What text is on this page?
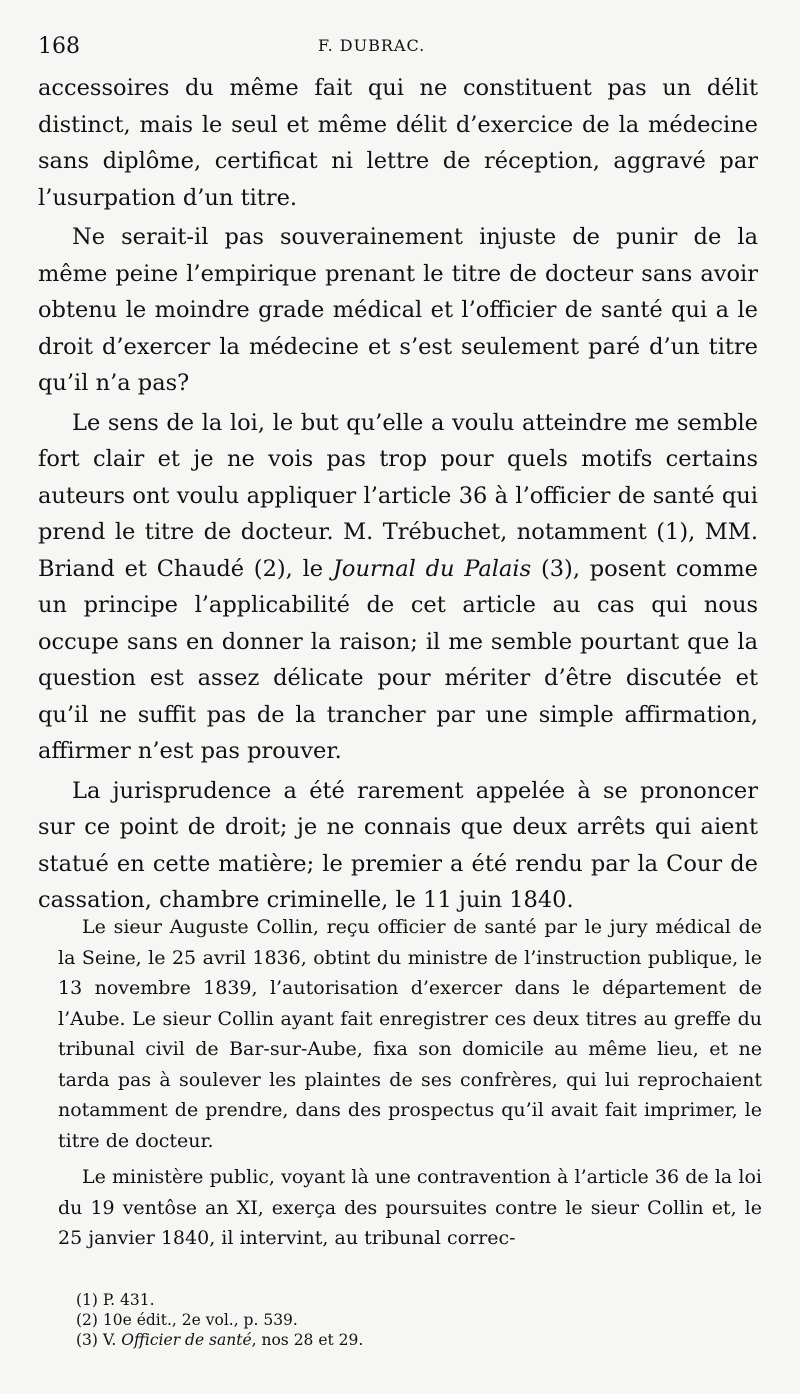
168	F. DUBRAC.

accessoires du même fait qui ne constituent pas un délit distinct, mais le seul et même délit d’exercice de la médecine sans diplôme, certificat ni lettre de réception, aggravé par l’usurpation d’un titre.

Ne serait-il pas souverainement injuste de punir de la même peine l’empirique prenant le titre de docteur sans avoir obtenu le moindre grade médical et l’officier de santé qui a le droit d’exercer la médecine et s’est seulement paré d’un titre qu’il n’a pas?

Le sens de la loi, le but qu’elle a voulu atteindre me semble fort clair et je ne vois pas trop pour quels motifs certains auteurs ont voulu appliquer l’article 36 à l’officier de santé qui prend le titre de docteur. M. Trébuchet, notamment (1), MM. Briand et Chaudé (2), le Journal du Palais (3), posent comme un principe l’applicabilité de cet article au cas qui nous occupe sans en donner la raison; il me semble pourtant que la question est assez délicate pour mériter d’être discutée et qu’il ne suffit pas de la trancher par une simple affirmation, affirmer n’est pas prouver.

La jurisprudence a été rarement appelée à se prononcer sur ce point de droit; je ne connais que deux arrêts qui aient statué en cette matière; le premier a été rendu par la Cour de cassation, chambre criminelle, le 11 juin 1840.

Le sieur Auguste Collin, reçu officier de santé par le jury médical de la Seine, le 25 avril 1836, obtint du ministre de l’instruction publique, le 13 novembre 1839, l’autorisation d’exercer dans le département de l’Aube. Le sieur Collin ayant fait enregistrer ces deux titres au greffe du tribunal civil de Bar-sur-Aube, fixa son domicile au même lieu, et ne tarda pas à soulever les plaintes de ses confrères, qui lui reprochaient notamment de prendre, dans des prospectus qu’il avait fait imprimer, le titre de docteur.

Le ministère public, voyant là une contravention à l’article 36 de la loi du 19 ventôse an XI, exerça des poursuites contre le sieur Collin et, le 25 janvier 1840, il intervint, au tribunal correc-

(1) P. 431.
(2) 10e édit., 2e vol., p. 539.
(3) V. Officier de santé, nos 28 et 29.
